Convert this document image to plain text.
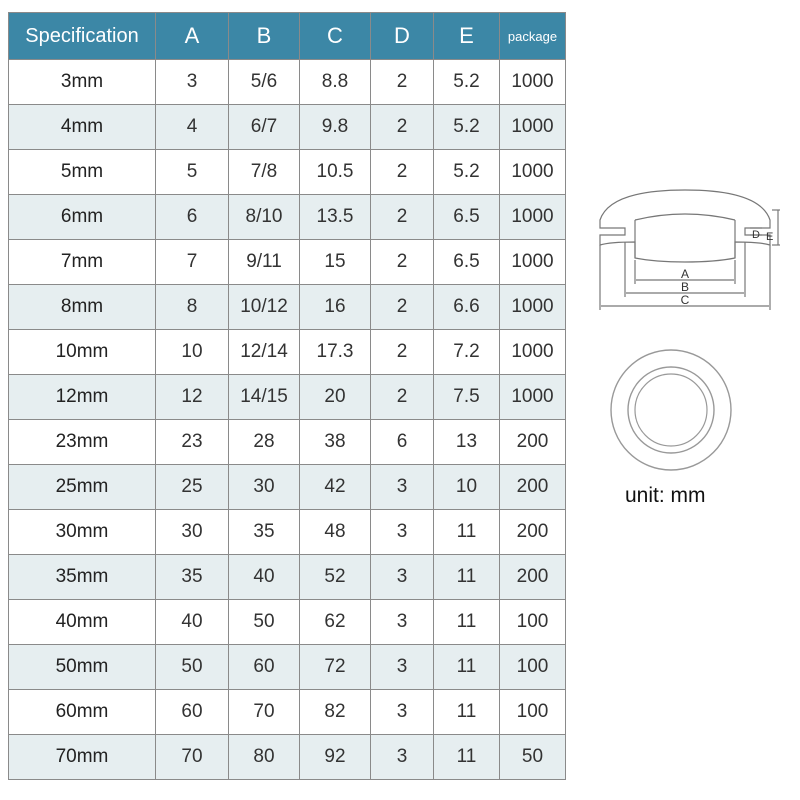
Specification	A	B	C	D	E	package
3mm	3	5/6	8.8	2	5.2	1000
4mm	4	6/7	9.8	2	5.2	1000
5mm	5	7/8	10.5	2	5.2	1000
6mm	6	8/10	13.5	2	6.5	1000
7mm	7	9/11	15	2	6.5	1000
8mm	8	10/12	16	2	6.6	1000
10mm	10	12/14	17.3	2	7.2	1000
12mm	12	14/15	20	2	7.5	1000
23mm	23	28	38	6	13	200
25mm	25	30	42	3	10	200
30mm	30	35	48	3	11	200
35mm	35	40	52	3	11	200
40mm	40	50	62	3	11	100
50mm	50	60	72	3	11	100
60mm	60	70	82	3	11	100
70mm	70	80	92	3	11	50
A
B
C
D E
unit: mm
